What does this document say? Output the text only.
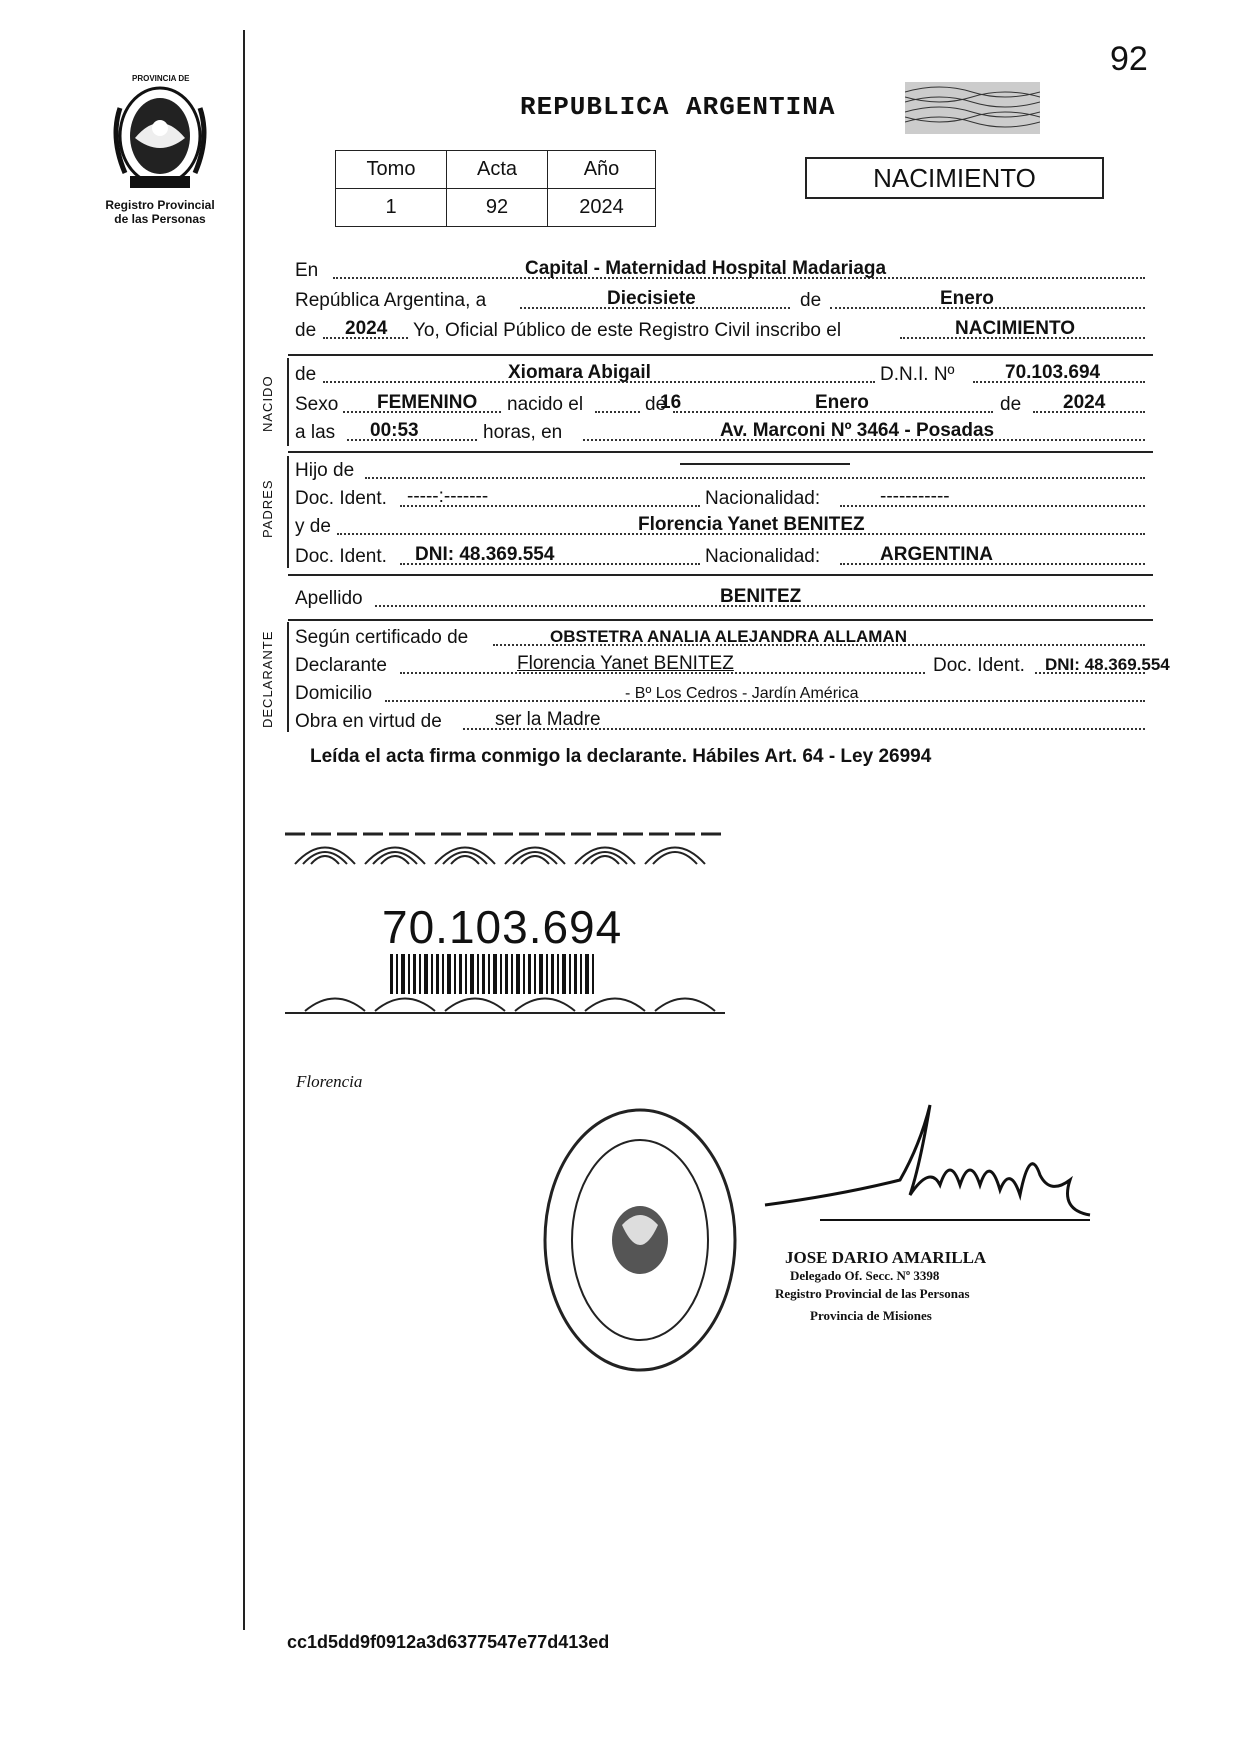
92
PROVINCIA DE
Registro Provincial
de las Personas
REPUBLICA ARGENTINA
Tomo	Acta	Año
1	92	2024
NACIMIENTO
En	Capital - Maternidad Hospital Madariaga
República Argentina, a	Diecisiete	de	Enero
de 2024 Yo, Oficial Público de este Registro Civil inscribo el	NACIMIENTO
NACIDO
de	Xiomara Abigail	D.N.I. Nº	70.103.694
Sexo FEMENINO nacido el	16
de	Enero	de 2024
a las 00:53	horas, en	Av. Marconi Nº 3464 - Posadas
PADRES
Hijo de
Doc. Ident. -----:-------	Nacionalidad:	-----------
y de	Florencia Yanet BENITEZ
Doc. Ident. DNI: 48.369.554	Nacionalidad:	ARGENTINA
Apellido	BENITEZ
DECLARANTE Según certificado de	OBSTETRA ANALIA ALEJANDRA ALLAMAN
Declarante	Florencia Yanet BENITEZ	Doc. Ident. DNI: 48.369.554
Domicilio	- Bº Los Cedros - Jardín América
Obra en virtud de	ser la Madre
Leída el acta firma conmigo la declarante. Hábiles Art. 64 - Ley 26994
70.103.694
Florencia
JOSE DARIO AMARILLA
Delegado Of. Secc. Nº 3398
Registro Provincial de las Personas
Provincia de Misiones
cc1d5dd9f0912a3d6377547e77d413ed
